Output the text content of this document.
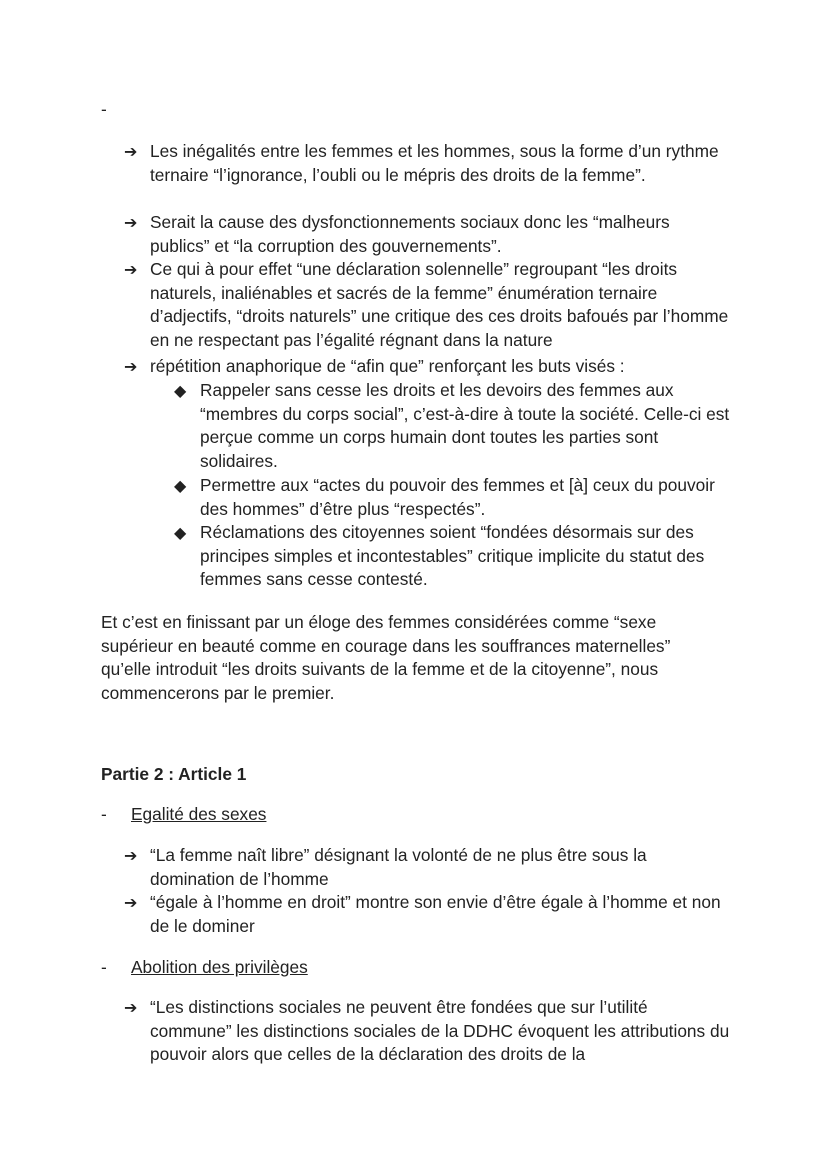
-
➔ Les inégalités entre les femmes et les hommes, sous la forme d’un rythme ternaire “l’ignorance, l’oubli ou le mépris des droits de la femme”.
➔ Serait la cause des dysfonctionnements sociaux donc les “malheurs publics” et “la corruption des gouvernements”.
➔ Ce qui à pour effet “une déclaration solennelle” regroupant “les droits naturels, inaliénables et sacrés de la femme” énumération ternaire d’adjectifs, “droits naturels” une critique des ces droits bafoués par l’homme en ne respectant pas l’égalité régnant dans la nature
➔ répétition anaphorique de “afin que” renforçant les buts visés :
◆ Rappeler sans cesse les droits et les devoirs des femmes aux “membres du corps social”, c’est-à-dire à toute la société. Celle-ci est perçue comme un corps humain dont toutes les parties sont solidaires.
◆ Permettre aux “actes du pouvoir des femmes et [à] ceux du pouvoir des hommes” d’être plus “respectés”.
◆ Réclamations des citoyennes soient “fondées désormais sur des principes simples et incontestables” critique implicite du statut des femmes sans cesse contesté.
Et c’est en finissant par un éloge des femmes considérées comme “sexe supérieur en beauté comme en courage dans les souffrances maternelles” qu’elle introduit “les droits suivants de la femme et de la citoyenne”, nous commencerons par le premier.
Partie 2 : Article 1
- Egalité des sexes
➔ “La femme naît libre” désignant la volonté de ne plus être sous la domination de l’homme
➔ “égale à l’homme en droit” montre son envie d’être égale à l’homme et non de le dominer
- Abolition des privilèges
➔ “Les distinctions sociales ne peuvent être fondées que sur l’utilité commune” les distinctions sociales de la DDHC évoquent les attributions du pouvoir alors que celles de la déclaration des droits de la
